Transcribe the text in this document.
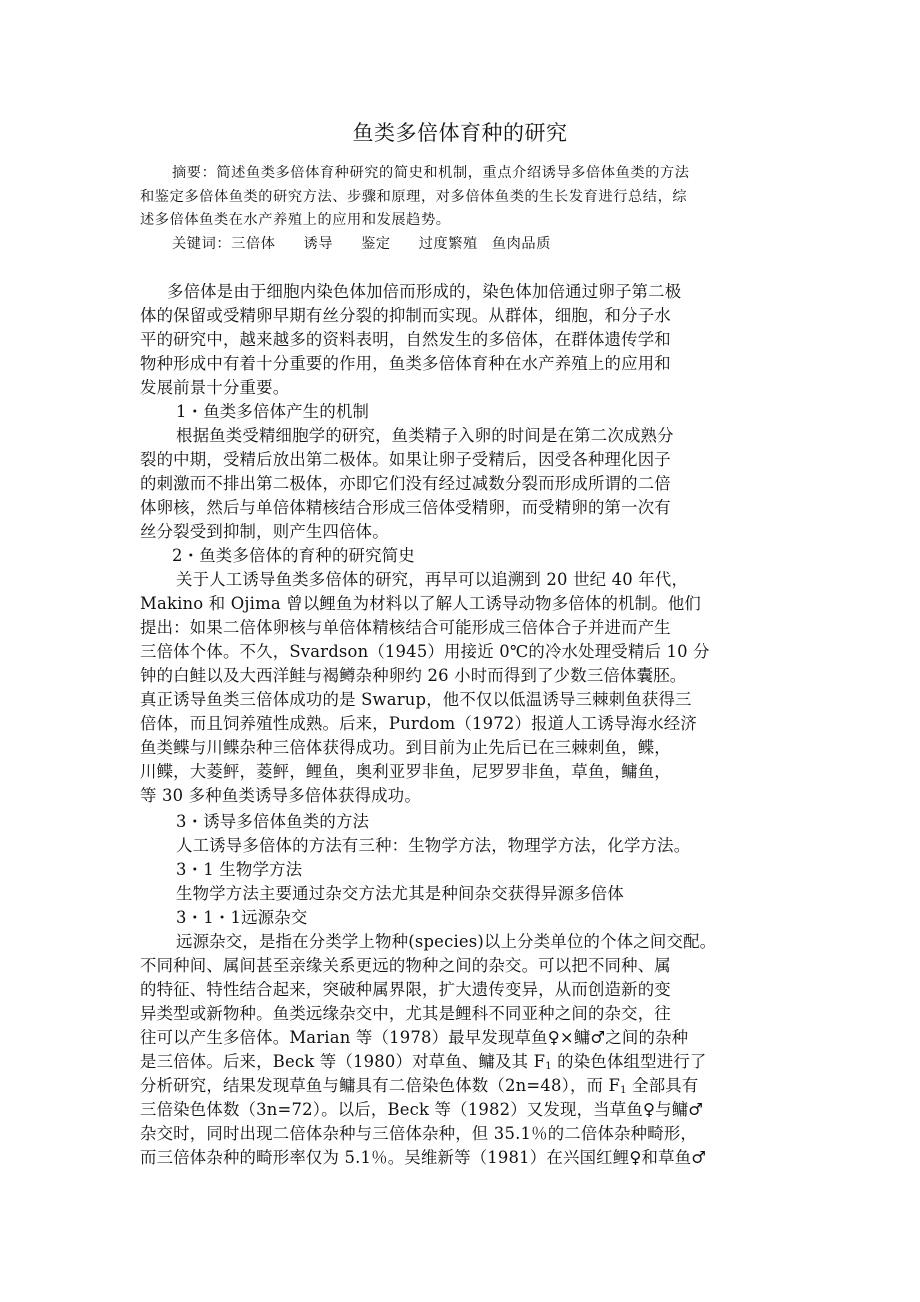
鱼类多倍体育种的研究
摘要：简述鱼类多倍体育种研究的简史和机制，重点介绍诱导多倍体鱼类的方法
和鉴定多倍体鱼类的研究方法、步骤和原理，对多倍体鱼类的生长发育进行总结，综
述多倍体鱼类在水产养殖上的应用和发展趋势。
关键词：三倍体 诱导 鉴定 过度繁殖 鱼肉品质
多倍体是由于细胞内染色体加倍而形成的，染色体加倍通过卵子第二极
体的保留或受精卵早期有丝分裂的抑制而实现。从群体，细胞，和分子水
平的研究中，越来越多的资料表明，自然发生的多倍体，在群体遗传学和
物种形成中有着十分重要的作用，鱼类多倍体育种在水产养殖上的应用和
发展前景十分重要。
1・鱼类多倍体产生的机制
根据鱼类受精细胞学的研究，鱼类精子入卵的时间是在第二次成熟分
裂的中期，受精后放出第二极体。如果让卵子受精后，因受各种理化因子
的刺激而不排出第二极体，亦即它们没有经过减数分裂而形成所谓的二倍
体卵核，然后与单倍体精核结合形成三倍体受精卵，而受精卵的第一次有
丝分裂受到抑制，则产生四倍体。
2・鱼类多倍体的育种的研究简史
关于人工诱导鱼类多倍体的研究，再早可以追溯到 20 世纪 40 年代，
Makino 和 Ojima 曾以鲤鱼为材料以了解人工诱导动物多倍体的机制。他们
提出：如果二倍体卵核与单倍体精核结合可能形成三倍体合子并进而产生
三倍体个体。不久，Svardson（1945）用接近 0℃的冷水处理受精后 10 分
钟的白鲑以及大西洋鲑与褐鳟杂种卵约 26 小时而得到了少数三倍体囊胚。
真正诱导鱼类三倍体成功的是 Swarup，他不仅以低温诱导三棘刺鱼获得三
倍体，而且饲养殖性成熟。后来，Purdom（1972）报道人工诱导海水经济
鱼类鲽与川鲽杂种三倍体获得成功。到目前为止先后已在三棘刺鱼，鲽，
川鲽，大菱鲆，菱鲆，鲤鱼，奥利亚罗非鱼，尼罗罗非鱼，草鱼，鳙鱼，
等 30 多种鱼类诱导多倍体获得成功。
3・诱导多倍体鱼类的方法
人工诱导多倍体的方法有三种：生物学方法，物理学方法，化学方法。
3・1 生物学方法
生物学方法主要通过杂交方法尤其是种间杂交获得异源多倍体
3・1・1远源杂交
远源杂交，是指在分类学上物种(species)以上分类单位的个体之间交配。
不同种间、属间甚至亲缘关系更远的物种之间的杂交。可以把不同种、属
的特征、特性结合起来，突破种属界限，扩大遗传变异，从而创造新的变
异类型或新物种。鱼类远缘杂交中，尤其是鲤科不同亚种之间的杂交，往
往可以产生多倍体。Marian 等（1978）最早发现草鱼♀×鳙♂之间的杂种
是三倍体。后来，Beck 等（1980）对草鱼、鳙及其 $F_1$ 的染色体组型进行了
分析研究，结果发现草鱼与鳙具有二倍染色体数（2n=48），而 $F_1$ 全部具有
三倍染色体数（3n=72）。以后，Beck 等（1982）又发现，当草鱼♀与鳙♂
杂交时，同时出现二倍体杂种与三倍体杂种，但 35.1％的二倍体杂种畸形，
而三倍体杂种的畸形率仅为 5.1％。吴维新等（1981）在兴国红鲤♀和草鱼♂
